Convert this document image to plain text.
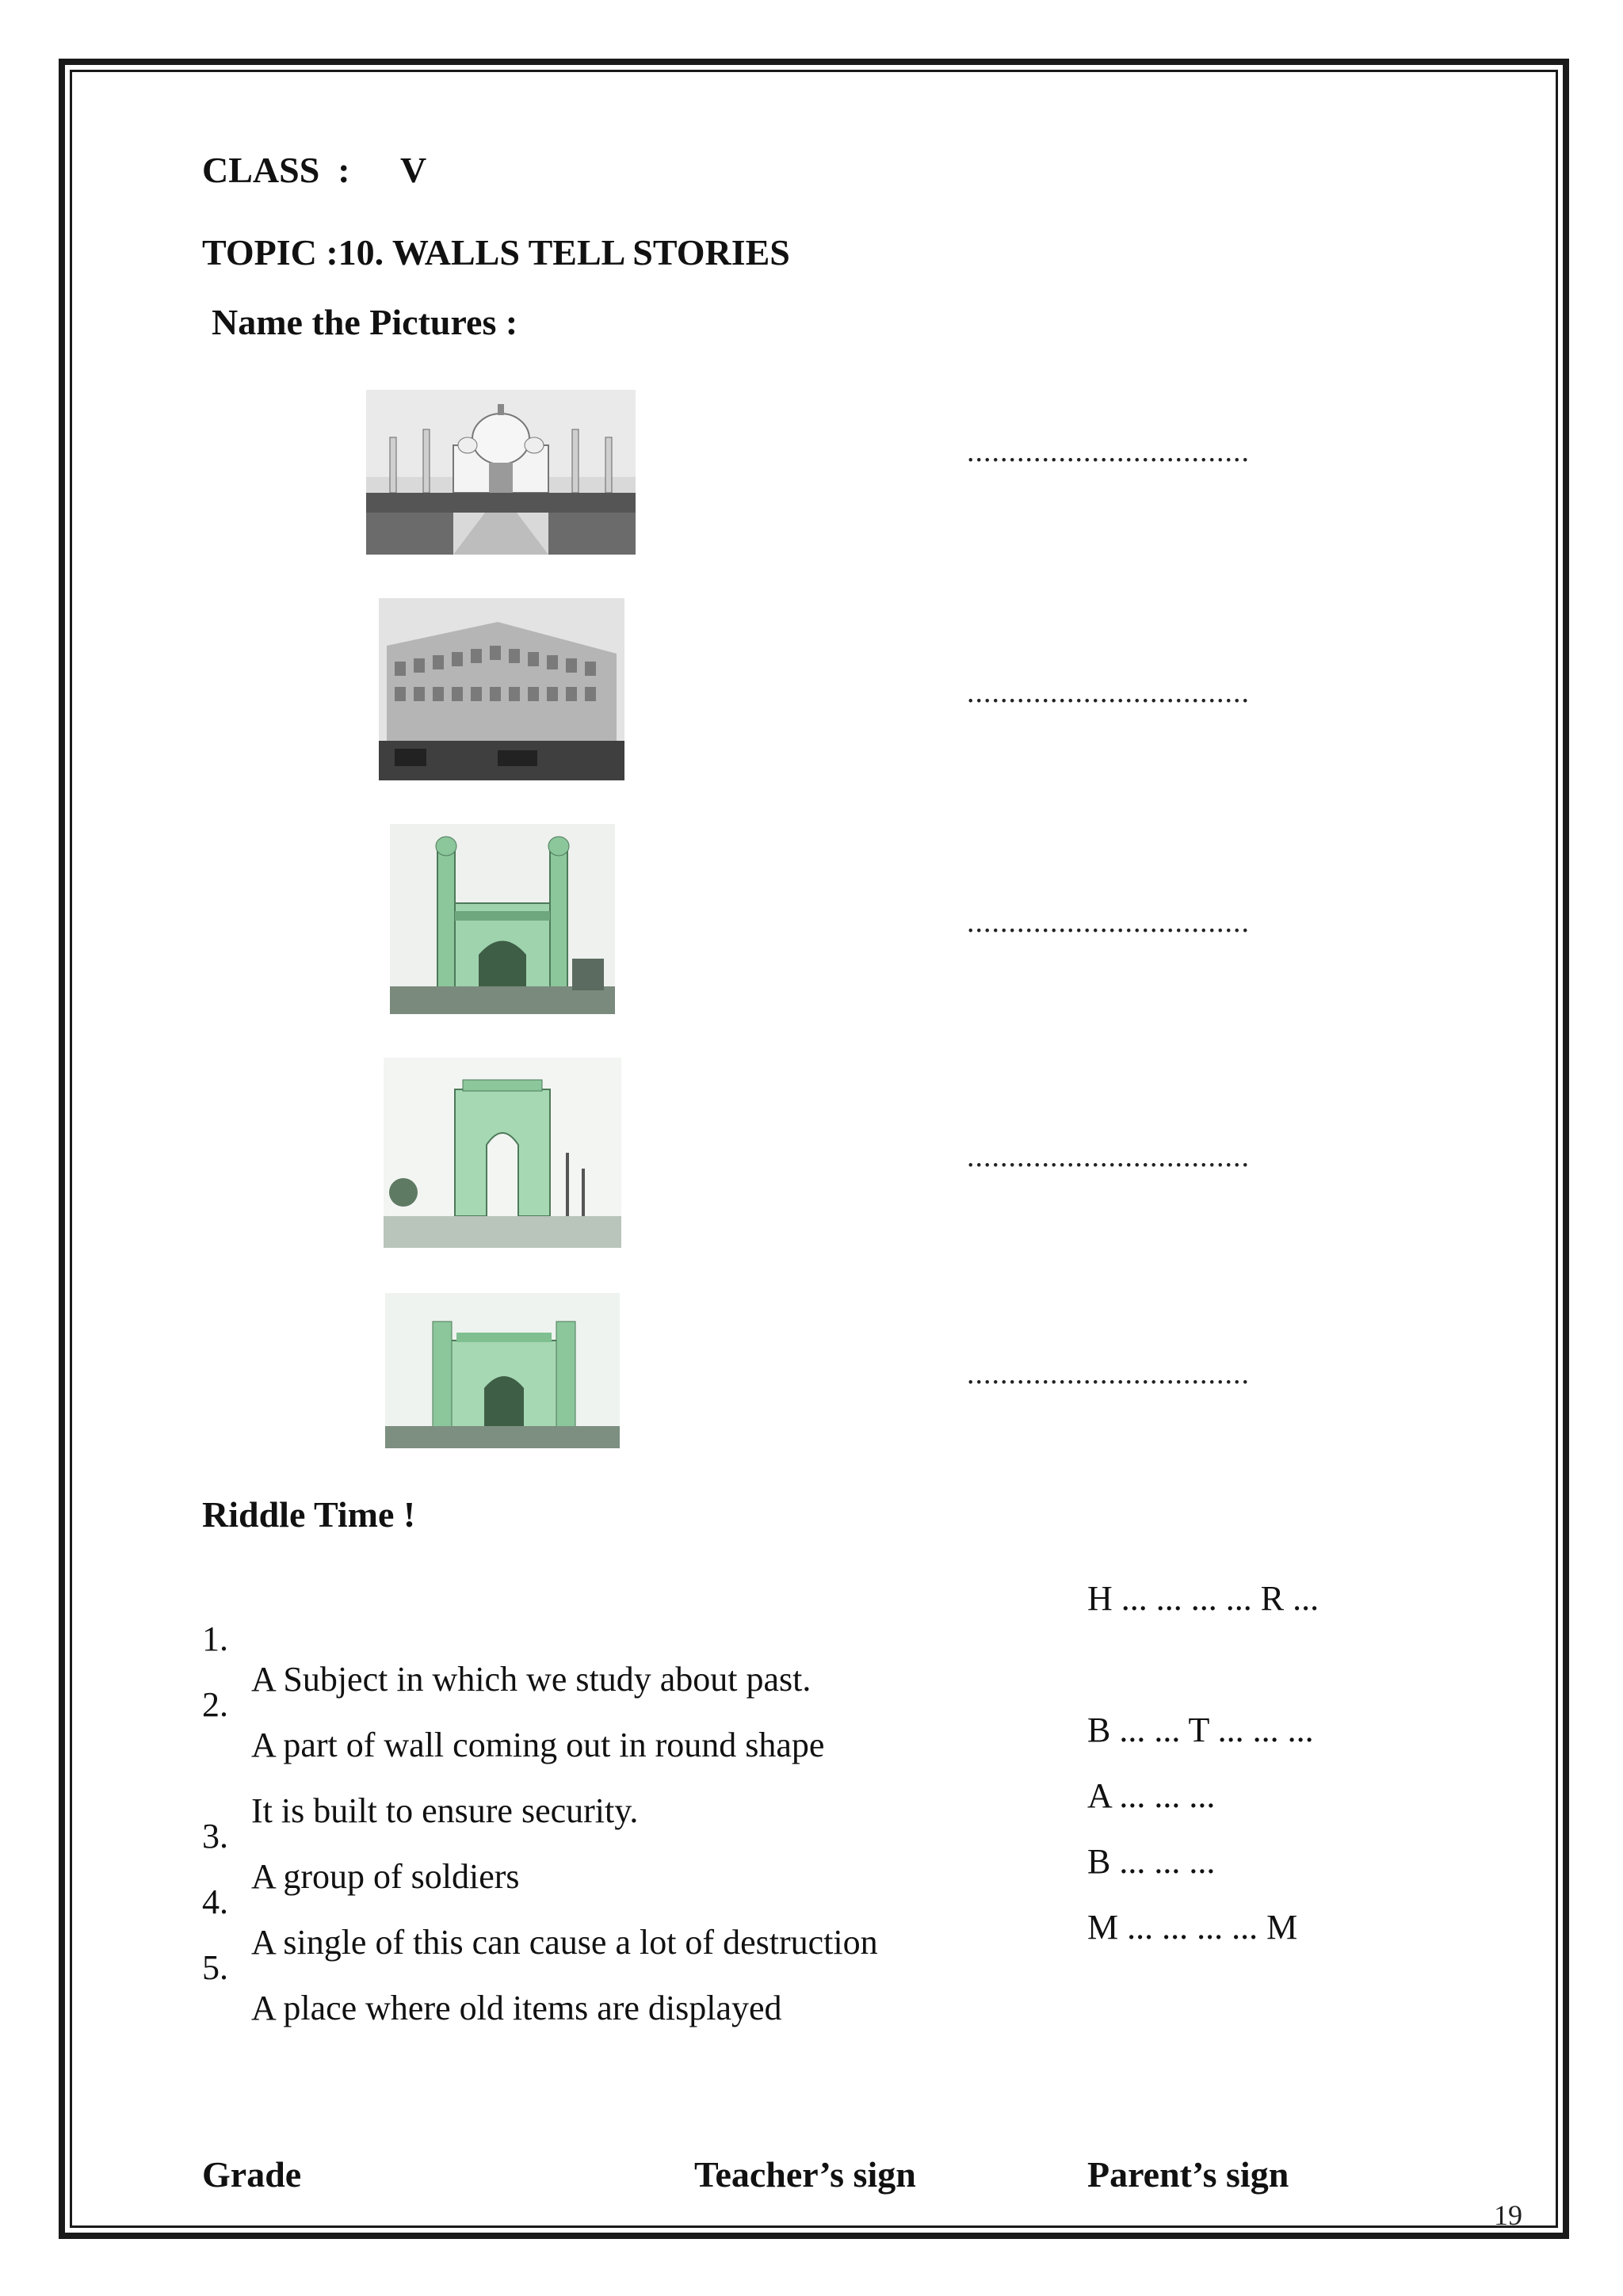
CLASS  : V
TOPIC :10. WALLS TELL STORIES
Name the Pictures :
..................................
..................................
..................................
..................................
..................................
Riddle Time !

1.

A Subject in which we study about past.

H ... ... ... ... R ...

2.

A part of wall coming out in round shape

It is built to ensure security.

B ... ... T ... ... ...

3.

A group of soldiers

A ... ... ...

4.

A single of this can cause a lot of destruction

B ... ... ...

5.

A place where old items are displayed

M ... ... ... ... M
Grade	Teacher’s sign	Parent’s sign
19
